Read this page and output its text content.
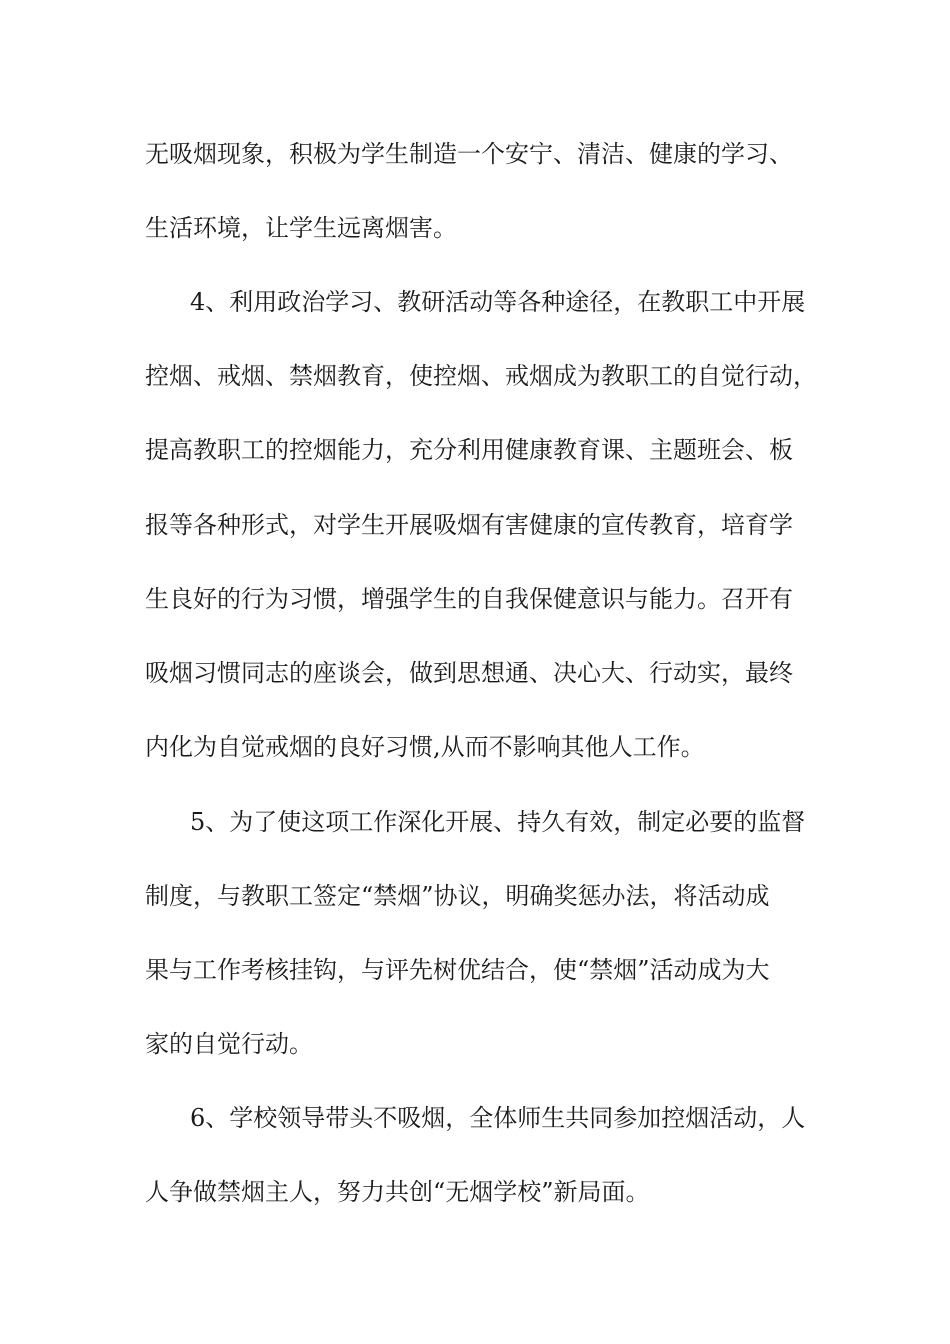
无吸烟现象，积极为学生制造一个安宁、清洁、健康的学习、
生活环境，让学生远离烟害。
4、利用政治学习、教研活动等各种途径，在教职工中开展
控烟、戒烟、禁烟教育，使控烟、戒烟成为教职工的自觉行动，
提高教职工的控烟能力，充分利用健康教育课、主题班会、板
报等各种形式，对学生开展吸烟有害健康的宣传教育，培育学
生良好的行为习惯，增强学生的自我保健意识与能力。召开有
吸烟习惯同志的座谈会，做到思想通、决心大、行动实，最终
内化为自觉戒烟的良好习惯,从而不影响其他人工作。
5、为了使这项工作深化开展、持久有效，制定必要的监督
制度，与教职工签定“禁烟”协议，明确奖惩办法，将活动成
果与工作考核挂钩，与评先树优结合，使“禁烟”活动成为大
家的自觉行动。
6、学校领导带头不吸烟，全体师生共同参加控烟活动，人
人争做禁烟主人，努力共创“无烟学校”新局面。
